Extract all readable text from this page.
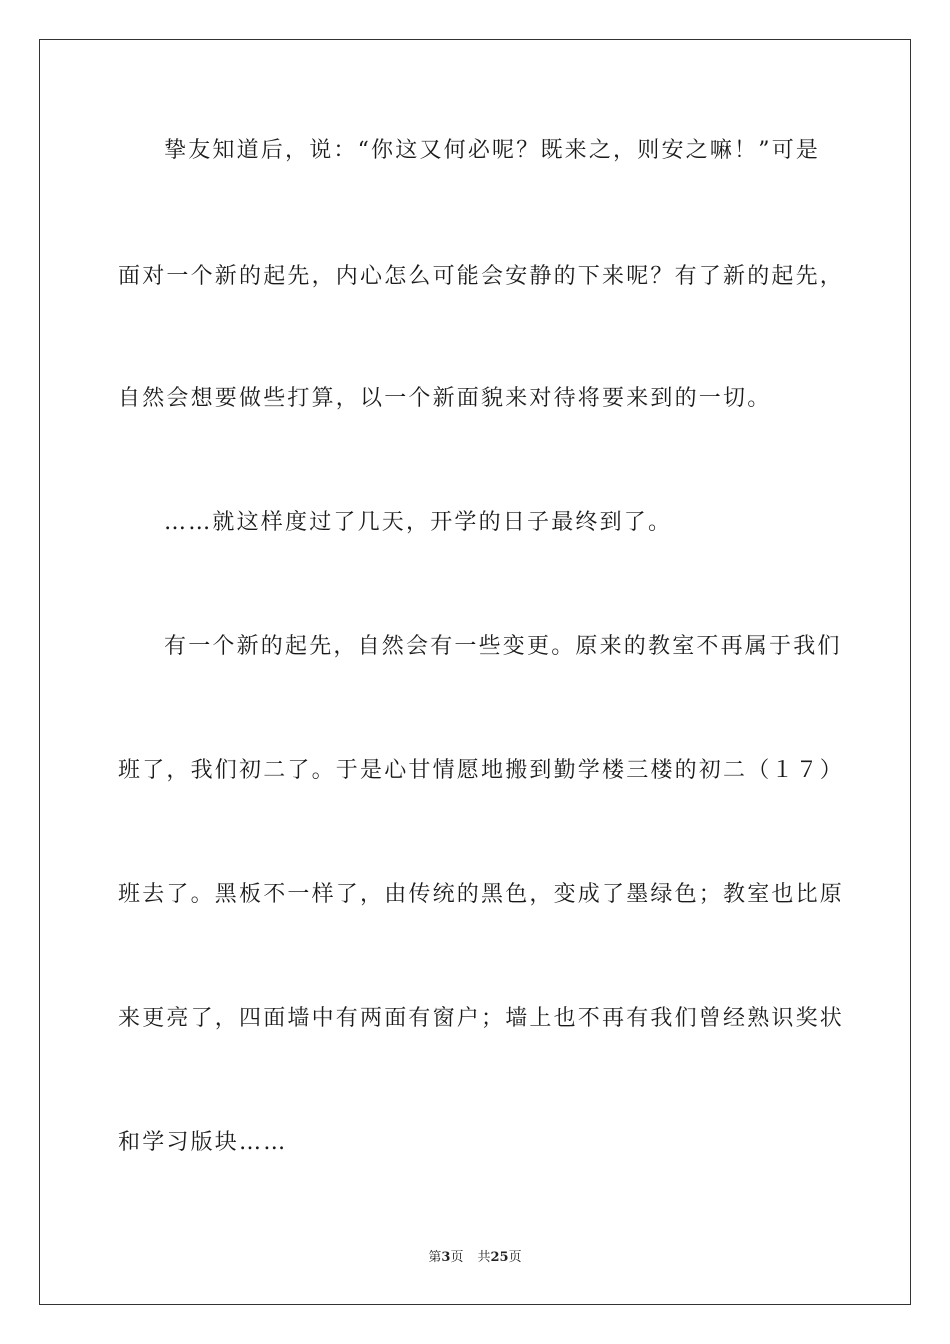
挚友知道后，说：“你这又何必呢？既来之，则安之嘛！”可是
面对一个新的起先，内心怎么可能会安静的下来呢？有了新的起先，
自然会想要做些打算，以一个新面貌来对待将要来到的一切。
……就这样度过了几天，开学的日子最终到了。
有一个新的起先，自然会有一些变更。原来的教室不再属于我们
班了，我们初二了。于是心甘情愿地搬到勤学楼三楼的初二（１７）
班去了。黑板不一样了，由传统的黑色，变成了墨绿色；教室也比原
来更亮了，四面墙中有两面有窗户；墙上也不再有我们曾经熟识奖状
和学习版块……
第3页 共25页
